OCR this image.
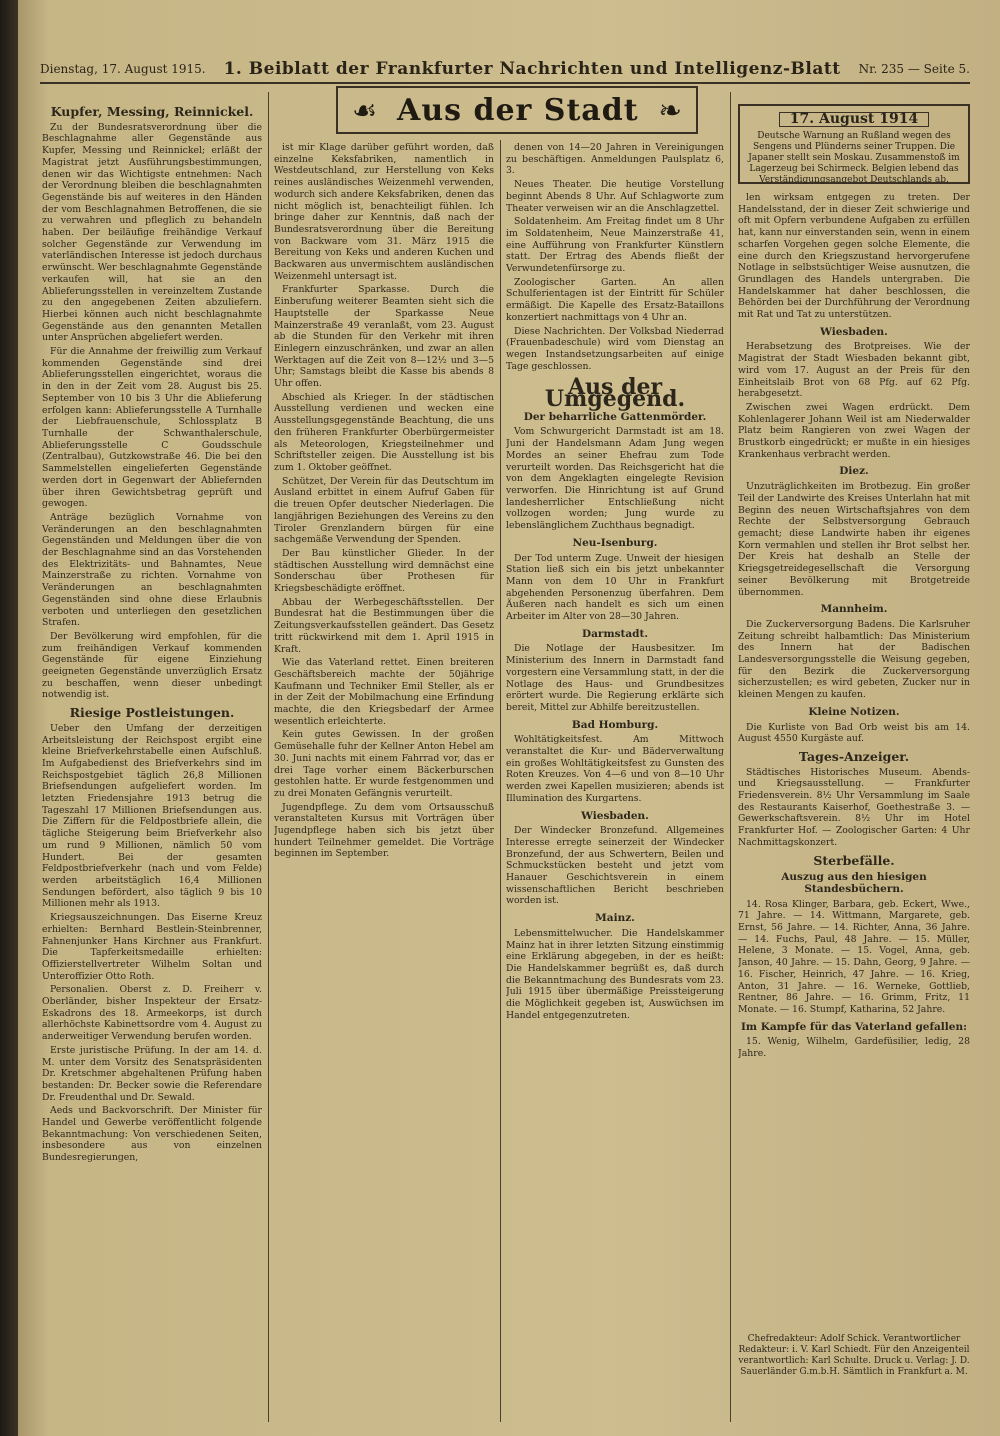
Dienstag, 17. August 1915. 1. Beiblatt der Frankfurter Nachrichten und Intelligenz-Blatt Nr. 235 — Seite 5.
☙ Aus der Stadt ❧	17. August 1914
Deutsche Warnung an Rußland wegen des Sengens und Plünderns seiner Truppen. Die Japaner stellt sein Moskau. Zusammenstoß im Lagerzeug bei Schirmeck. Belgien lebend das Verständigungsangebot Deutschlands ab.
Kupfer, Messing, Reinnickel.

Zu der Bundesratsverordnung über die Beschlagnahme aller Gegenstände aus Kupfer, Messing und Reinnickel; erläßt der Magistrat jetzt Ausführungsbestimmungen, denen wir das Wichtigste entnehmen: Nach der Verordnung bleiben die beschlagnahmten Gegenstände bis auf weiteres in den Händen der vom Beschlagnahmen Betroffenen, die sie zu verwahren und pfleglich zu behandeln haben. Der beiläufige freihändige Verkauf solcher Gegenstände zur Verwendung im vaterländischen Interesse ist jedoch durchaus erwünscht. Wer beschlagnahmte Gegenstände verkaufen will, hat sie an den Ablieferungsstellen in vereinzeltem Zustande zu den angegebenen Zeiten abzuliefern. Hierbei können auch nicht beschlagnahmte Gegenstände aus den genannten Metallen unter Ansprüchen abgeliefert werden.

Für die Annahme der freiwillig zum Verkauf kommenden Gegenstände sind drei Ablieferungsstellen eingerichtet, woraus die in den in der Zeit vom 28. August bis 25. September von 10 bis 3 Uhr die Ablieferung erfolgen kann: Ablieferungsstelle A Turnhalle der Liebfrauenschule, Schlossplatz B Turnhalle der Schwanthalerschule, Ablieferungsstelle C Goudsschule (Zentralbau), Gutzkowstraße 46. Die bei den Sammelstellen eingelieferten Gegenstände werden dort in Gegenwart der Abliefernden über ihren Gewichtsbetrag geprüft und gewogen.

Anträge bezüglich Vornahme von Veränderungen an den beschlagnahmten Gegenständen und Meldungen über die von der Beschlagnahme sind an das Vorstehenden des Elektrizitäts- und Bahnamtes, Neue Mainzerstraße zu richten. Vornahme von Veränderungen an beschlagnahmten Gegenständen sind ohne diese Erlaubnis verboten und unterliegen den gesetzlichen Strafen.

Der Bevölkerung wird empfohlen, für die zum freihändigen Verkauf kommenden Gegenstände für eigene Einziehung geeigneten Gegenstände unverzüglich Ersatz zu beschaffen, wenn dieser unbedingt notwendig ist.

Riesige Postleistungen.

Ueber den Umfang der derzeitigen Arbeitsleistung der Reichspost ergibt eine kleine Briefverkehrstabelle einen Aufschluß. Im Aufgabedienst des Briefverkehrs sind im Reichspostgebiet täglich 26,8 Millionen Briefsendungen aufgeliefert worden. Im letzten Friedensjahre 1913 betrug die Tageszahl 17 Millionen Briefsendungen aus. Die Ziffern für die Feldpostbriefe allein, die tägliche Steigerung beim Briefverkehr also um rund 9 Millionen, nämlich 50 vom Hundert. Bei der gesamten Feldpostbriefverkehr (nach und vom Felde) werden arbeitstäglich 16,4 Millionen Sendungen befördert, also täglich 9 bis 10 Millionen mehr als 1913.

Kriegsauszeichnungen. Das Eiserne Kreuz erhielten: Bernhard Bestlein-Steinbrenner, Fahnenjunker Hans Kirchner aus Frankfurt. Die Tapferkeitsmedaille erhielten: Offizierstellvertreter Wilhelm Soltan und Unteroffizier Otto Roth.

Personalien. Oberst z. D. Freiherr v. Oberländer, bisher Inspekteur der Ersatz-Eskadrons des 18. Armeekorps, ist durch allerhöchste Kabinettsordre vom 4. August zu anderweitiger Verwendung berufen worden.

Erste juristische Prüfung. In der am 14. d. M. unter dem Vorsitz des Senatspräsidenten Dr. Kretschmer abgehaltenen Prüfung haben bestanden: Dr. Becker sowie die Referendare Dr. Freudenthal und Dr. Sewald.

Aeds und Backvorschrift. Der Minister für Handel und Gewerbe veröffentlicht folgende Bekanntmachung: Von verschiedenen Seiten, insbesondere aus von einzelnen Bundesregierungen,

ist mir Klage darüber geführt worden, daß einzelne Keksfabriken, namentlich in Westdeutschland, zur Herstellung von Keks reines ausländisches Weizenmehl verwenden, wodurch sich andere Keksfabriken, denen das nicht möglich ist, benachteiligt fühlen. Ich bringe daher zur Kenntnis, daß nach der Bundesratsverordnung über die Bereitung von Backware vom 31. März 1915 die Bereitung von Keks und anderen Kuchen und Backwaren aus unvermischtem ausländischen Weizenmehl untersagt ist.

Frankfurter Sparkasse. Durch die Einberufung weiterer Beamten sieht sich die Hauptstelle der Sparkasse Neue Mainzerstraße 49 veranlaßt, vom 23. August ab die Stunden für den Verkehr mit ihren Einlegern einzuschränken, und zwar an allen Werktagen auf die Zeit von 8—12½ und 3—5 Uhr; Samstags bleibt die Kasse bis abends 8 Uhr offen.

Abschied als Krieger. In der städtischen Ausstellung verdienen und wecken eine Ausstellungsgegenstände Beachtung, die uns den früheren Frankfurter Oberbürgermeister als Meteorologen, Kriegsteilnehmer und Schriftsteller zeigen. Die Ausstellung ist bis zum 1. Oktober geöffnet.

Schützet, Der Verein für das Deutschtum im Ausland erbittet in einem Aufruf Gaben für die treuen Opfer deutscher Niederlagen. Die langjährigen Beziehungen des Vereins zu den Tiroler Grenzlandern bürgen für eine sachgemäße Verwendung der Spenden.

Der Bau künstlicher Glieder. In der städtischen Ausstellung wird demnächst eine Sonderschau über Prothesen für Kriegsbeschädigte eröffnet.

Abbau der Werbegeschäftsstellen. Der Bundesrat hat die Bestimmungen über die Zeitungsverkaufsstellen geändert. Das Gesetz tritt rückwirkend mit dem 1. April 1915 in Kraft.

Wie das Vaterland rettet. Einen breiteren Geschäftsbereich machte der 50jährige Kaufmann und Techniker Emil Steller, als er in der Zeit der Mobilmachung eine Erfindung machte, die den Kriegsbedarf der Armee wesentlich erleichterte.

Kein gutes Gewissen. In der großen Gemüsehalle fuhr der Kellner Anton Hebel am 30. Juni nachts mit einem Fahrrad vor, das er drei Tage vorher einem Bäckerburschen gestohlen hatte. Er wurde festgenommen und zu drei Monaten Gefängnis verurteilt.

Jugendpflege. Zu dem vom Ortsausschuß veranstalteten Kursus mit Vorträgen über Jugendpflege haben sich bis jetzt über hundert Teilnehmer gemeldet. Die Vorträge beginnen im September.

denen von 14—20 Jahren in Vereinigungen zu beschäftigen. Anmeldungen Paulsplatz 6, 3.

Neues Theater. Die heutige Vorstellung beginnt Abends 8 Uhr. Auf Schlagworte zum Theater verweisen wir an die Anschlagzettel.

Soldatenheim. Am Freitag findet um 8 Uhr im Soldatenheim, Neue Mainzerstraße 41, eine Aufführung von Frankfurter Künstlern statt. Der Ertrag des Abends fließt der Verwundetenfürsorge zu.

Zoologischer Garten. An allen Schulferientagen ist der Eintritt für Schüler ermäßigt. Die Kapelle des Ersatz-Bataillons konzertiert nachmittags von 4 Uhr an.

Diese Nachrichten. Der Volksbad Niederrad (Frauenbadeschule) wird vom Dienstag an wegen Instandsetzungsarbeiten auf einige Tage geschlossen.

Aus der Umgegend.
Der beharrliche Gattenmörder.

Vom Schwurgericht Darmstadt ist am 18. Juni der Handelsmann Adam Jung wegen Mordes an seiner Ehefrau zum Tode verurteilt worden. Das Reichsgericht hat die von dem Angeklagten eingelegte Revision verworfen. Die Hinrichtung ist auf Grund landesherrlicher Entschließung nicht vollzogen worden; Jung wurde zu lebenslänglichem Zuchthaus begnadigt.

Neu-Isenburg.

Der Tod unterm Zuge. Unweit der hiesigen Station ließ sich ein bis jetzt unbekannter Mann von dem 10 Uhr in Frankfurt abgehenden Personenzug überfahren. Dem Äußeren nach handelt es sich um einen Arbeiter im Alter von 28—30 Jahren.

Darmstadt.

Die Notlage der Hausbesitzer. Im Ministerium des Innern in Darmstadt fand vorgestern eine Versammlung statt, in der die Notlage des Haus- und Grundbesitzes erörtert wurde. Die Regierung erklärte sich bereit, Mittel zur Abhilfe bereitzustellen.

Bad Homburg.

Wohltätigkeitsfest. Am Mittwoch veranstaltet die Kur- und Bäderverwaltung ein großes Wohltätigkeitsfest zu Gunsten des Roten Kreuzes. Von 4—6 und von 8—10 Uhr werden zwei Kapellen musizieren; abends ist Illumination des Kurgartens.

Wiesbaden.

Der Windecker Bronzefund. Allgemeines Interesse erregte seinerzeit der Windecker Bronzefund, der aus Schwertern, Beilen und Schmuckstücken besteht und jetzt vom Hanauer Geschichtsverein in einem wissenschaftlichen Bericht beschrieben worden ist.

Mainz.

Lebensmittelwucher. Die Handelskammer Mainz hat in ihrer letzten Sitzung einstimmig eine Erklärung abgegeben, in der es heißt: Die Handelskammer begrüßt es, daß durch die Bekanntmachung des Bundesrats vom 23. Juli 1915 über übermäßige Preissteigerung die Möglichkeit gegeben ist, Auswüchsen im Handel entgegenzutreten.

len wirksam entgegen zu treten. Der Handelsstand, der in dieser Zeit schwierige und oft mit Opfern verbundene Aufgaben zu erfüllen hat, kann nur einverstanden sein, wenn in einem scharfen Vorgehen gegen solche Elemente, die eine durch den Kriegszustand hervorgerufene Notlage in selbstsüchtiger Weise ausnutzen, die Grundlagen des Handels untergraben. Die Handelskammer hat daher beschlossen, die Behörden bei der Durchführung der Verordnung mit Rat und Tat zu unterstützen.

Wiesbaden.

Herabsetzung des Brotpreises. Wie der Magistrat der Stadt Wiesbaden bekannt gibt, wird vom 17. August an der Preis für den Einheitslaib Brot von 68 Pfg. auf 62 Pfg. herabgesetzt.

Zwischen zwei Wagen erdrückt. Dem Kohlenlagerer Johann Weil ist am Niederwalder Platz beim Rangieren von zwei Wagen der Brustkorb eingedrückt; er mußte in ein hiesiges Krankenhaus verbracht werden.

Diez.

Unzuträglichkeiten im Brotbezug. Ein großer Teil der Landwirte des Kreises Unterlahn hat mit Beginn des neuen Wirtschaftsjahres von dem Rechte der Selbstversorgung Gebrauch gemacht; diese Landwirte haben ihr eigenes Korn vermahlen und stellen ihr Brot selbst her. Der Kreis hat deshalb an Stelle der Kriegsgetreidegesellschaft die Versorgung seiner Bevölkerung mit Brotgetreide übernommen.

Mannheim.

Die Zuckerversorgung Badens. Die Karlsruher Zeitung schreibt halbamtlich: Das Ministerium des Innern hat der Badischen Landesversorgungsstelle die Weisung gegeben, für den Bezirk die Zuckerversorgung sicherzustellen; es wird gebeten, Zucker nur in kleinen Mengen zu kaufen.

Kleine Notizen.

Die Kurliste von Bad Orb weist bis am 14. August 4550 Kurgäste auf.

Tages-Anzeiger.

Städtisches Historisches Museum. Abends- und Kriegsausstellung. — Frankfurter Friedensverein. 8½ Uhr Versammlung im Saale des Restaurants Kaiserhof, Goethestraße 3. — Gewerkschaftsverein. 8½ Uhr im Hotel Frankfurter Hof. — Zoologischer Garten: 4 Uhr Nachmittagskonzert.

Sterbefälle.
Auszug aus den hiesigen Standesbüchern.

14. Rosa Klinger, Barbara, geb. Eckert, Wwe., 71 Jahre. — 14. Wittmann, Margarete, geb. Ernst, 56 Jahre. — 14. Richter, Anna, 36 Jahre. — 14. Fuchs, Paul, 48 Jahre. — 15. Müller, Helene, 3 Monate. — 15. Vogel, Anna, geb. Janson, 40 Jahre. — 15. Dahn, Georg, 9 Jahre. — 16. Fischer, Heinrich, 47 Jahre. — 16. Krieg, Anton, 31 Jahre. — 16. Werneke, Gottlieb, Rentner, 86 Jahre. — 16. Grimm, Fritz, 11 Monate. — 16. Stumpf, Katharina, 52 Jahre.

Im Kampfe für das Vaterland gefallen:

15. Wenig, Wilhelm, Gardefüsilier, ledig, 28 Jahre.

Chefredakteur: Adolf Schick. Verantwortlicher Redakteur: i. V. Karl Schiedt. Für den Anzeigenteil verantwortlich: Karl Schulte. Druck u. Verlag: J. D. Sauerländer G.m.b.H. Sämtlich in Frankfurt a. M.
